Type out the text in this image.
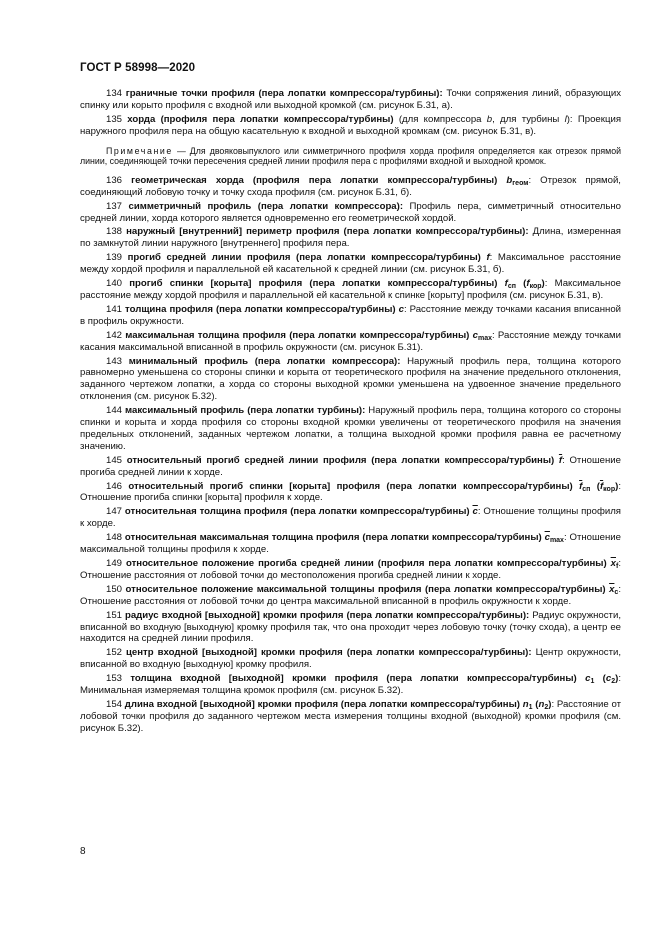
ГОСТ Р 58998—2020

134 граничные точки профиля (пера лопатки компрессора/турбины): Точки сопряжения линий, образующих спинку или корыто профиля с входной или выходной кромкой (см. рисунок Б.31, а).

135 хорда (профиля пера лопатки компрессора/турбины) (для компрессора b, для турбины l): Проекция наружного профиля пера на общую касательную к входной и выходной кромкам (см. рисунок Б.31, в).

Примечание — Для двояковыпуклого или симметричного профиля хорда профиля определяется как отрезок прямой линии, соединяющей точки пересечения средней линии профиля пера с профилями входной и выходной кромок.

136 геометрическая хорда (профиля пера лопатки компрессора/турбины) $b_{геом}$: Отрезок прямой, соединяющий лобовую точку и точку схода профиля (см. рисунок Б.31, б).

137 симметричный профиль (пера лопатки компрессора): Профиль пера, симметричный относительно средней линии, хорда которого является одновременно его геометрической хордой.

138 наружный [внутренний] периметр профиля (пера лопатки компрессора/турбины): Длина, измеренная по замкнутой линии наружного [внутреннего] профиля пера.

139 прогиб средней линии профиля (пера лопатки компрессора/турбины) f: Максимальное расстояние между хордой профиля и параллельной ей касательной к средней линии (см. рисунок Б.31, б).

140 прогиб спинки [корыта] профиля (пера лопатки компрессора/турбины) $f_{сп}$ $(f_{кор})$: Максимальное расстояние между хордой профиля и параллельной ей касательной к спинке [корыту] профиля (см. рисунок Б.31, в).

141 толщина профиля (пера лопатки компрессора/турбины) c: Расстояние между точками касания вписанной в профиль окружности.

142 максимальная толщина профиля (пера лопатки компрессора/турбины) $c_{max}$: Расстояние между точками касания максимальной вписанной в профиль окружности (см. рисунок Б.31).

143 минимальный профиль (пера лопатки компрессора): Наружный профиль пера, толщина которого равномерно уменьшена со стороны спинки и корыта от теоретического профиля на значение предельного отклонения, заданного чертежом лопатки, а хорда со стороны выходной кромки уменьшена на удвоенное значение предельного отклонения (см. рисунок Б.32).

144 максимальный профиль (пера лопатки турбины): Наружный профиль пера, толщина которого со стороны спинки и корыта и хорда профиля со стороны входной кромки увеличены от теоретического профиля на значения предельных отклонений, заданных чертежом лопатки, а толщина выходной кромки профиля равна ее расчетному значению.

145 относительный прогиб средней линии профиля (пера лопатки компрессора/турбины) $\overline{f}$: Отношение прогиба средней линии к хорде.

146 относительный прогиб спинки [корыта] профиля (пера лопатки компрессора/турбины) $\overline{f}_{сп}$ $(\overline{f}_{кор})$: Отношение прогиба спинки [корыта] профиля к хорде.

147 относительная толщина профиля (пера лопатки компрессора/турбины) $\overline{c}$: Отношение толщины профиля к хорде.

148 относительная максимальная толщина профиля (пера лопатки компрессора/турбины) $\overline{c}_{max}$: Отношение максимальной толщины профиля к хорде.

149 относительное положение прогиба средней линии (профиля пера лопатки компрессора/турбины) $\overline{x}_f$: Отношение расстояния от лобовой точки до местоположения прогиба средней линии к хорде.

150 относительное положение максимальной толщины профиля (пера лопатки компрессора/турбины) $\overline{x}_c$: Отношение расстояния от лобовой точки до центра максимальной вписанной в профиль окружности к хорде.

151 радиус входной [выходной] кромки профиля (пера лопатки компрессора/турбины): Радиус окружности, вписанной во входную [выходную] кромку профиля так, что она проходит через лобовую точку (точку схода), а центр ее находится на средней линии профиля.

152 центр входной [выходной] кромки профиля (пера лопатки компрессора/турбины): Центр окружности, вписанной во входную [выходную] кромку профиля.

153 толщина входной [выходной] кромки профиля (пера лопатки компрессора/турбины) $c_1$ $(c_2)$: Минимальная измеряемая толщина кромок профиля (см. рисунок Б.32).

154 длина входной [выходной] кромки профиля (пера лопатки компрессора/турбины) $n_1$ $(n_2)$: Расстояние от лобовой точки профиля до заданного чертежом места измерения толщины входной (выходной) кромки профиля (см. рисунок Б.32).

8
